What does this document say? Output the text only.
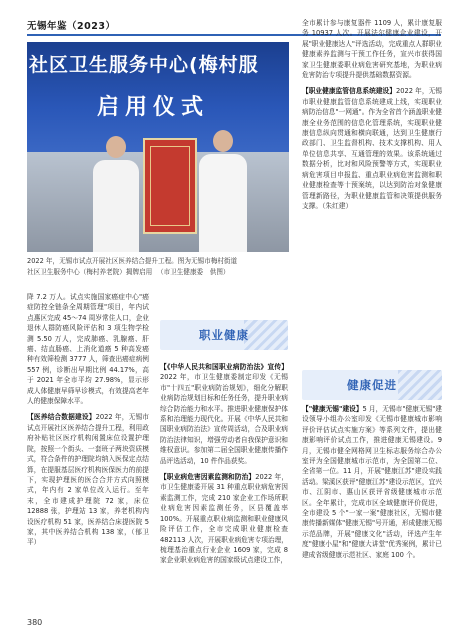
无锡年鉴（2023）
社区卫生服务中心(梅村服
启用仪式
2022 年，无锡市试点开展社区医养结合提升工程。图为无锡市梅村街道
社区卫生服务中心（梅村养老院）揭牌启用 （市卫生健康委　供图）

降 7.2 万人。试点实施国家癌症中心"癌症防控全链条全周期管理"项目，年内试点惠区完成 45～74 周岁常住人口，企业退休人群防癌风险评估和 3 项生物学检测 5.50 万人，完成肺癌、乳腺癌、肝癌、结直肠癌、上消化道癌 5 种高发癌种有效筛检测 3777 人，筛查出癌症病例 557 例，诊断出早期比例 44.17%，高于 2021 年全市平均 27.98%，显示形成人体健康早筛早诊模式，有效提高老年人的健康保障水平。

【医养结合数据建设】2022 年，无锡市试点开展社区医养结合提升工程，利用政府补贴社区医疗机构闲置床位设置护理院，按照一个街头、一套班子两块资质模式，符合条件的护理院均纳入医保定点结算，在提服基层医疗机构医保医力的前提下，实现护理医的医合合并方式向照模式，年内有 2 家单位改入运行。至年末，全市建成护理院 72 家，床位 12888 张，护理站 13 家，养老机构内设医疗机构 51 家，医养结合床提医院 5 家，其中医养结合机构 138 家，（郁卫平）

职业健康

【《中华人民共和国职业病防治法》宣传】2022 年，市卫生健康委制定印发《无锡市"十四五"职业病防治规划》，细化分解职业病防治规划目标和任务任务，提升职业病综合防治能力和水平。推进职业健康保护体系和治理能力现代化。开展《中华人民共和国职业病防治法》宣传周活动，合及职业病防治法律知识，增强劳动者自我保护意识和维权意识。参加第二届全国职业健康传播作品评选活动，10 件作品获奖。

【职业病危害因素监测和防治】2022 年，市卫生健康委开展 31 种重点职业病危害因素监测工作，完成 210 家企业工作场所职业病危害因素监测任务，区县覆盖率 100%。开展重点职业病监测和职业健康风险评估工作，全市完成职业健康检查 482113 人次，开展职业病危害专项治理，梳理基治重点行业企业 1609 家，完成 8 家企业职业病危害的国家级试点建设工作，

全市累计参与康复器件 1109 人，累计康复服务 10937 人次。开展法尔健康企业建设，开展"职业健康达人"评选活动，完成重点人群职业健康素养监测与干预工作任务，宣兴市获得国家卫生健康委职业病危害研究基地，为职业病危害防治专项提升提供基础数据资源。

【职业健康监管信息系统建设】2022 年，无锡市职业健康监管信息系统建成上线，实现职业病防治信息"一网通"。作为全省首个涵盖职业健康全业务范围的信息化管理系统，实现职业健康信息纵向贯通和横向联通，达到卫生健康行政部门、卫生监督机构、技术支撑机构、用人单位信息共享、互通管理的效果。该系统通过数据分析，比对和风险预警等方式，实现职业病危害项目申报监、重点职业病危害监测和职业健康检查等十预案统，以达到防治对象健康管理新路径，为职业健康监管和决策提供服务支撑。（朱红建）

健康促进

【"健康无锡"建设】5 月，无锡市"健康无锡"建设领导小组办公室印发《无锡市健康城市影响评价评估试点实施方案》等系列文件，提出健康影响评价试点工作，推进健康无锡建设。9 月，无锡市健全网格网卫生标志服务综合办公室评为全国健康城市示范市，为全国第二位、全省第一位。11 月，开展"健康江苏"建设实践活动。梁溪区获评"健康江苏"建设示范区，宜兴市、江阴市、惠山区获评省级健康城市示范区。全年累计，完成市区全域健康评价促进，全市建设 5 个"一家一案"健康社区，无锡市健康传播新媒体"健康无锡"号开通，形成健康无锡示范品牌，开展"健康文化"活动，评选产生年度"健康小屋"和"健康大讲堂"优秀案例，累计已建成省级健康示范社区、家庭 100 个。

380
